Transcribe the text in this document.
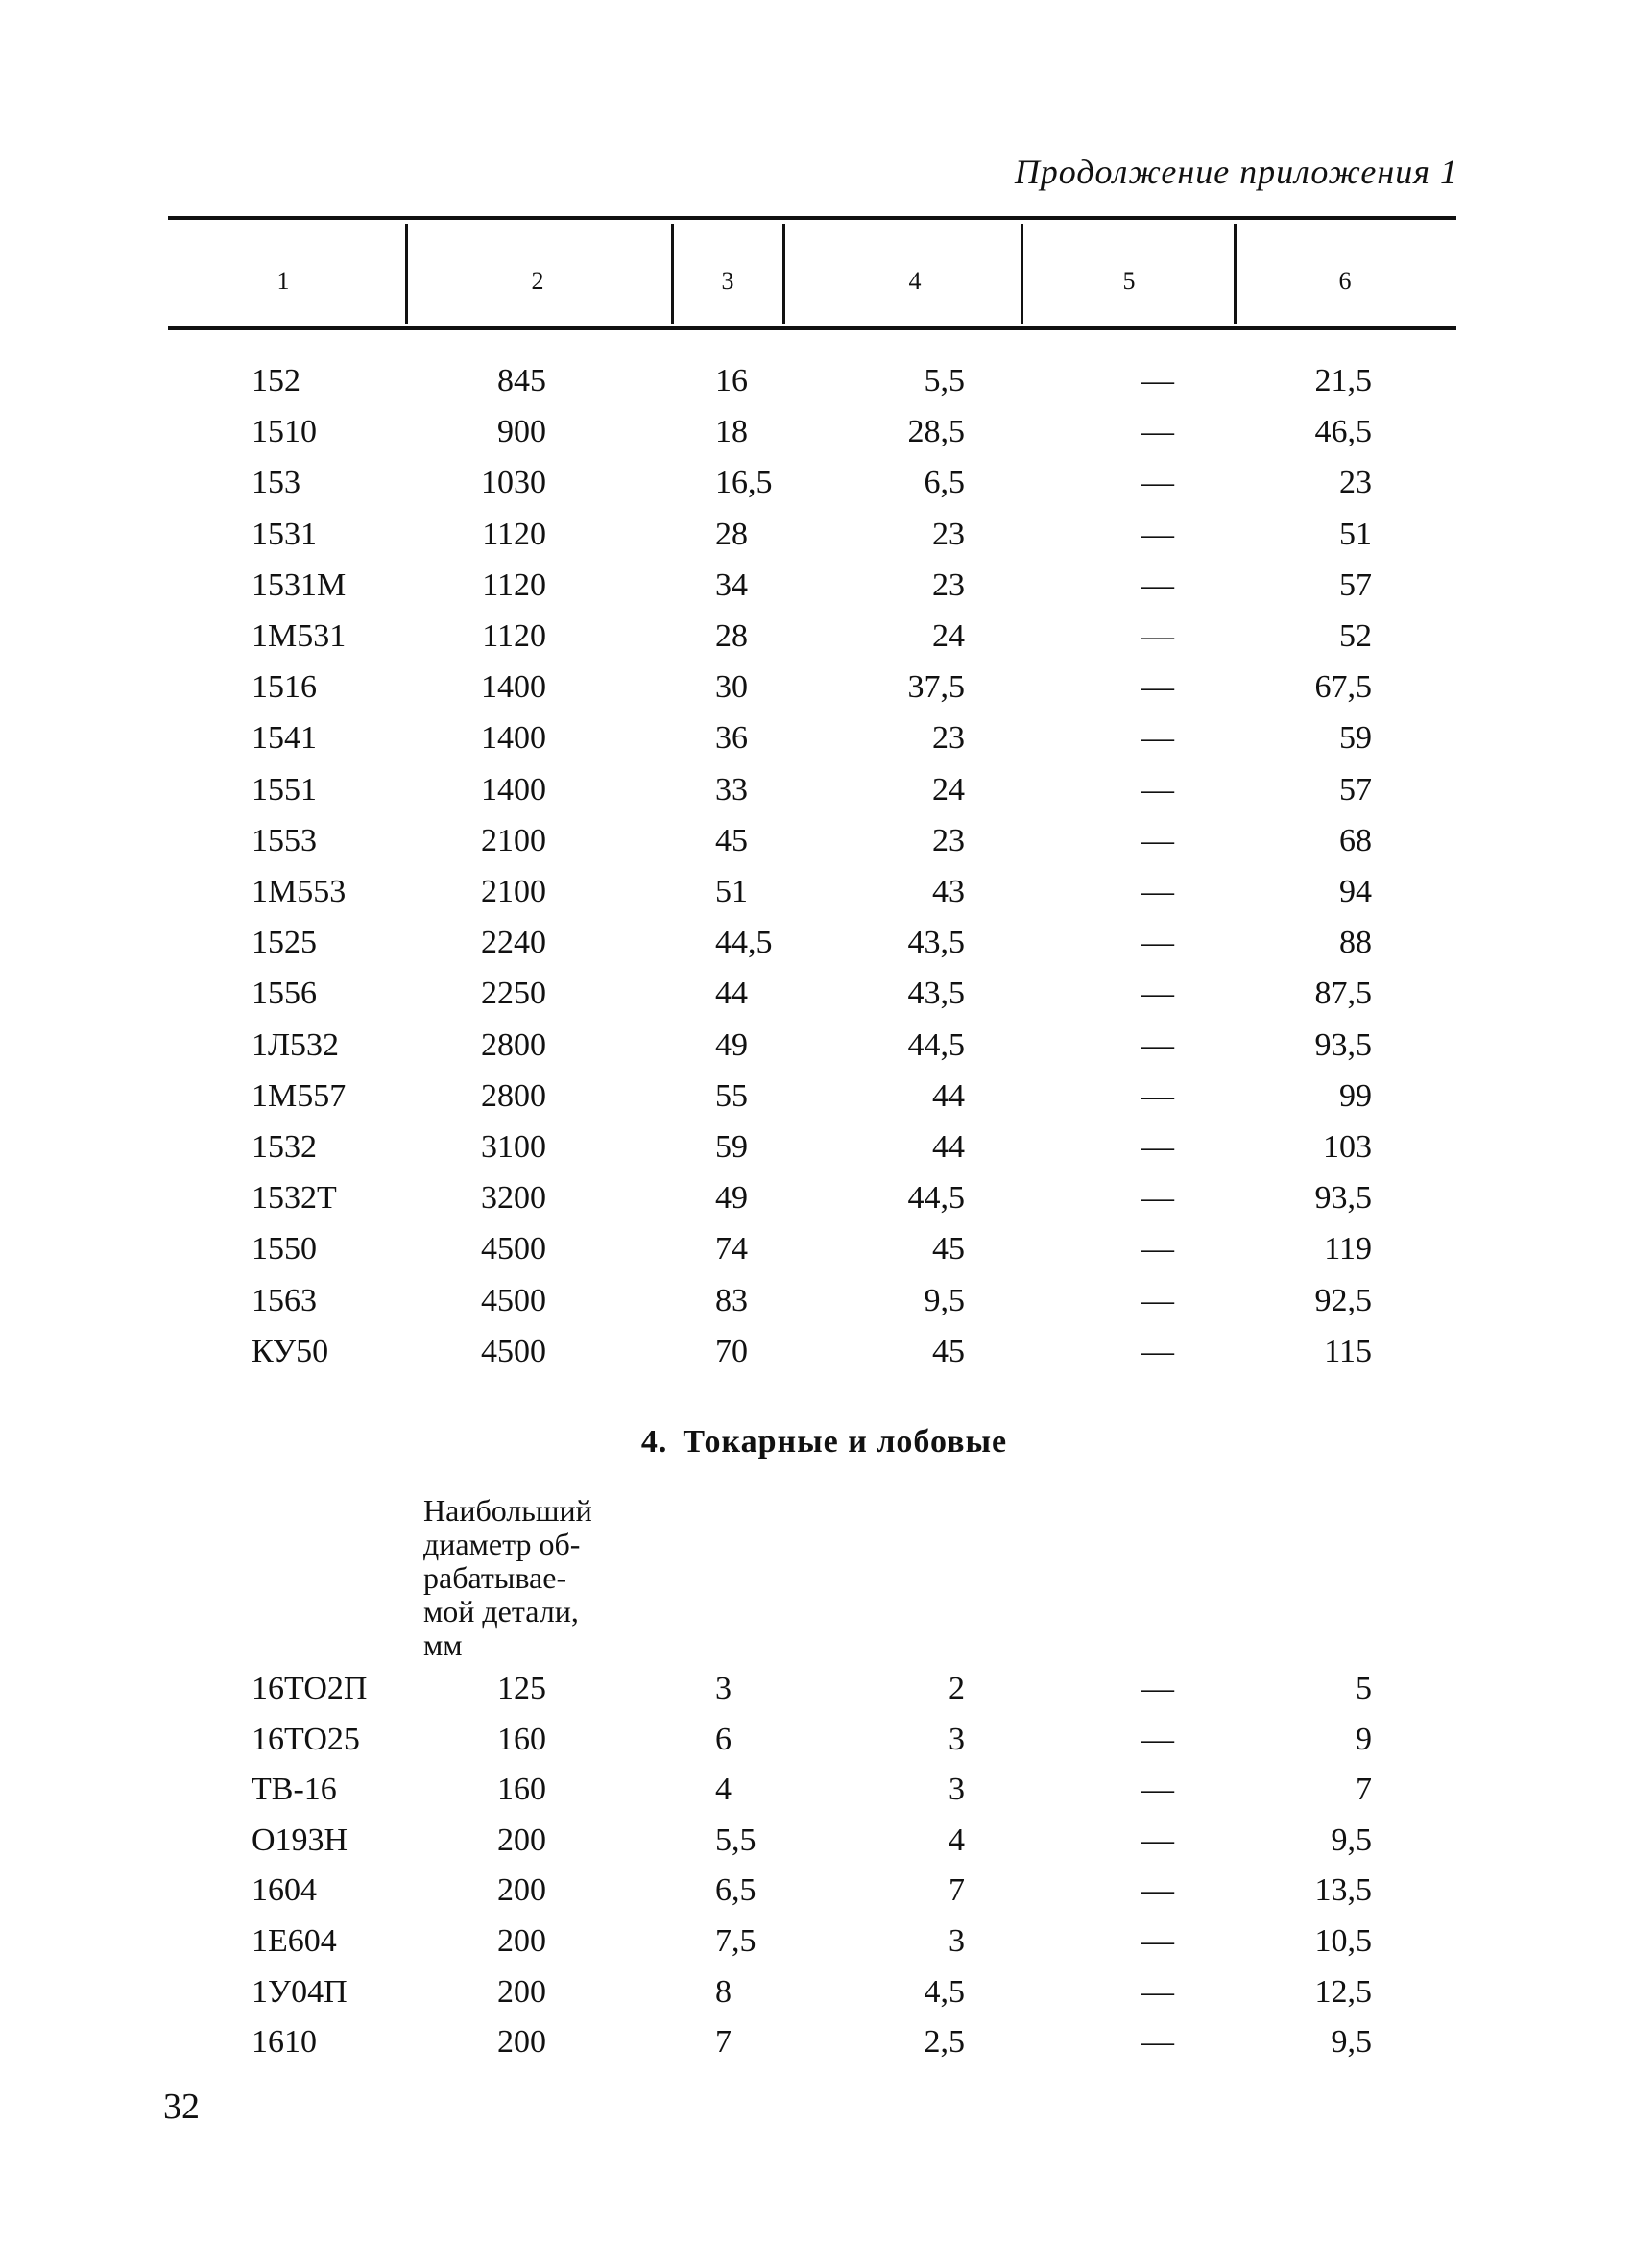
Продолжение приложения 1
1	2	3	4	5	6
152	845	16	5,5	—	21,5
1510	900	18	28,5	—	46,5
153	1030	16,5	6,5	—	23
1531	1120	28	23	—	51
1531М	1120	34	23	—	57
1М531	1120	28	24	—	52
1516	1400	30	37,5	—	67,5
1541	1400	36	23	—	59
1551	1400	33	24	—	57
1553	2100	45	23	—	68
1М553	2100	51	43	—	94
1525	2240	44,5	43,5	—	88
1556	2250	44	43,5	—	87,5
1Л532	2800	49	44,5	—	93,5
1М557	2800	55	44	—	99
1532	3100	59	44	—	103
1532Т	3200	49	44,5	—	93,5
1550	4500	74	45	—	119
1563	4500	83	9,5	—	92,5
КУ50	4500	70	45	—	115
4. Токарные и лобовые
Наибольший
диаметр об-
рабатывае-
мой детали,
мм
16ТО2П	125	3	2	—	5
16ТО25	160	6	3	—	9
ТВ-16	160	4	3	—	7
О193Н	200	5,5	4	—	9,5
1604	200	6,5	7	—	13,5
1Е604	200	7,5	3	—	10,5
1У04П	200	8	4,5	—	12,5
1610	200	7	2,5	—	9,5
32
